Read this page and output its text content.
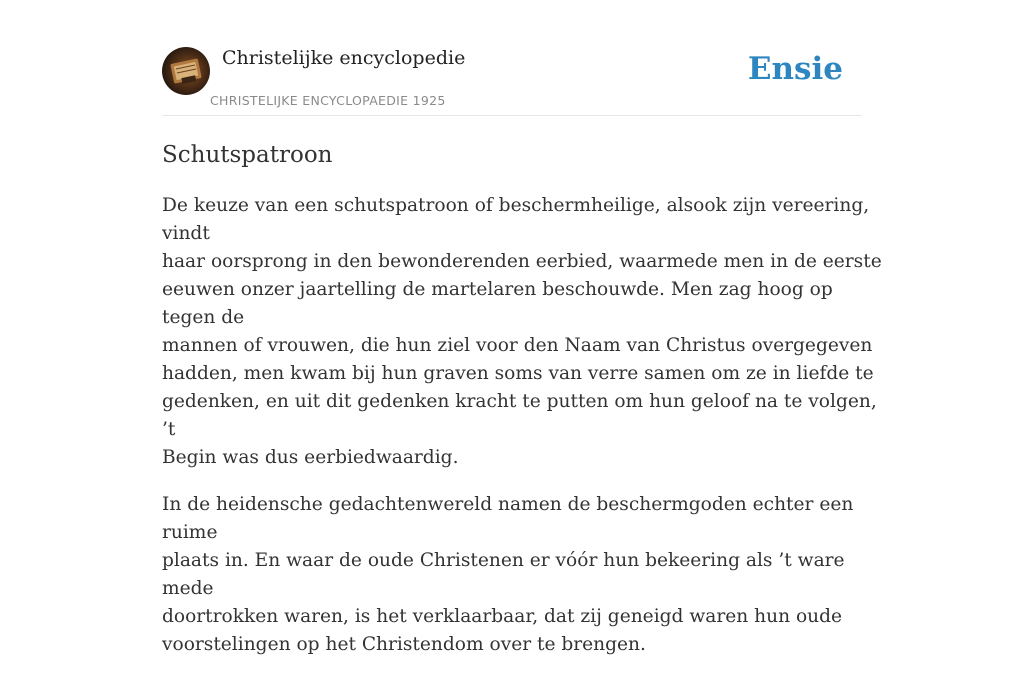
Christelijke encyclopedie
CHRISTELIJKE ENCYCLOPAEDIE 1925
Ensie
Schutspatroon

De keuze van een schutspatroon of beschermheilige, alsook zijn vereering, vindt
haar oorsprong in den bewonderenden eerbied, waarmede men in de eerste
eeuwen onzer jaartelling de martelaren beschouwde. Men zag hoog op tegen de
mannen of vrouwen, die hun ziel voor den Naam van Christus overgegeven
hadden, men kwam bij hun graven soms van verre samen om ze in liefde te
gedenken, en uit dit gedenken kracht te putten om hun geloof na te volgen, ’t
Begin was dus eerbiedwaardig.

In de heidensche gedachtenwereld namen de beschermgoden echter een ruime
plaats in. En waar de oude Christenen er vóór hun bekeering als ’t ware mede
doortrokken waren, is het verklaarbaar, dat zij geneigd waren hun oude
voorstelingen op het Christendom over te brengen.
